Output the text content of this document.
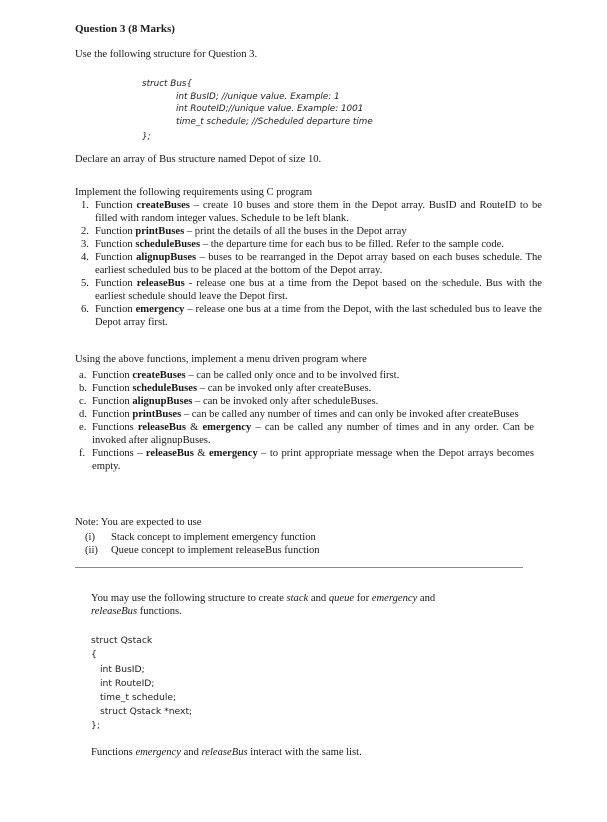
Question 3 (8 Marks)
Use the following structure for Question 3.
struct Bus{
int BusID; //unique value. Example: 1
int RouteID;//unique value. Example: 1001
time_t schedule; //Scheduled departure time
};
Declare an array of Bus structure named Depot of size 10.
Implement the following requirements using C program
1. Function createBuses – create 10 buses and store them in the Depot array. BusID and RouteID to be filled with random integer values. Schedule to be left blank.
2. Function printBuses – print the details of all the buses in the Depot array
3. Function scheduleBuses – the departure time for each bus to be filled. Refer to the sample code.
4. Function alignupBuses – buses to be rearranged in the Depot array based on each buses schedule. The earliest scheduled bus to be placed at the bottom of the Depot array.
5. Function releaseBus - release one bus at a time from the Depot based on the schedule. Bus with the earliest schedule should leave the Depot first.
6. Function emergency – release one bus at a time from the Depot, with the last scheduled bus to leave the Depot array first.
Using the above functions, implement a menu driven program where
a. Function createBuses – can be called only once and to be involved first.
b. Function scheduleBuses – can be invoked only after createBuses.
c. Function alignupBuses – can be invoked only after scheduleBuses.
d. Function printBuses – can be called any number of times and can only be invoked after createBuses
e. Functions releaseBus & emergency – can be called any number of times and in any order. Can be invoked after alignupBuses.
f. Functions – releaseBus & emergency – to print appropriate message when the Depot arrays becomes empty.
Note: You are expected to use
(i) Stack concept to implement emergency function
(ii) Queue concept to implement releaseBus function
You may use the following structure to create stack and queue for emergency and
releaseBus functions.
struct Qstack
{
int BusID;
int RouteID;
time_t schedule;
struct Qstack *next;
};
Functions emergency and releaseBus interact with the same list.
